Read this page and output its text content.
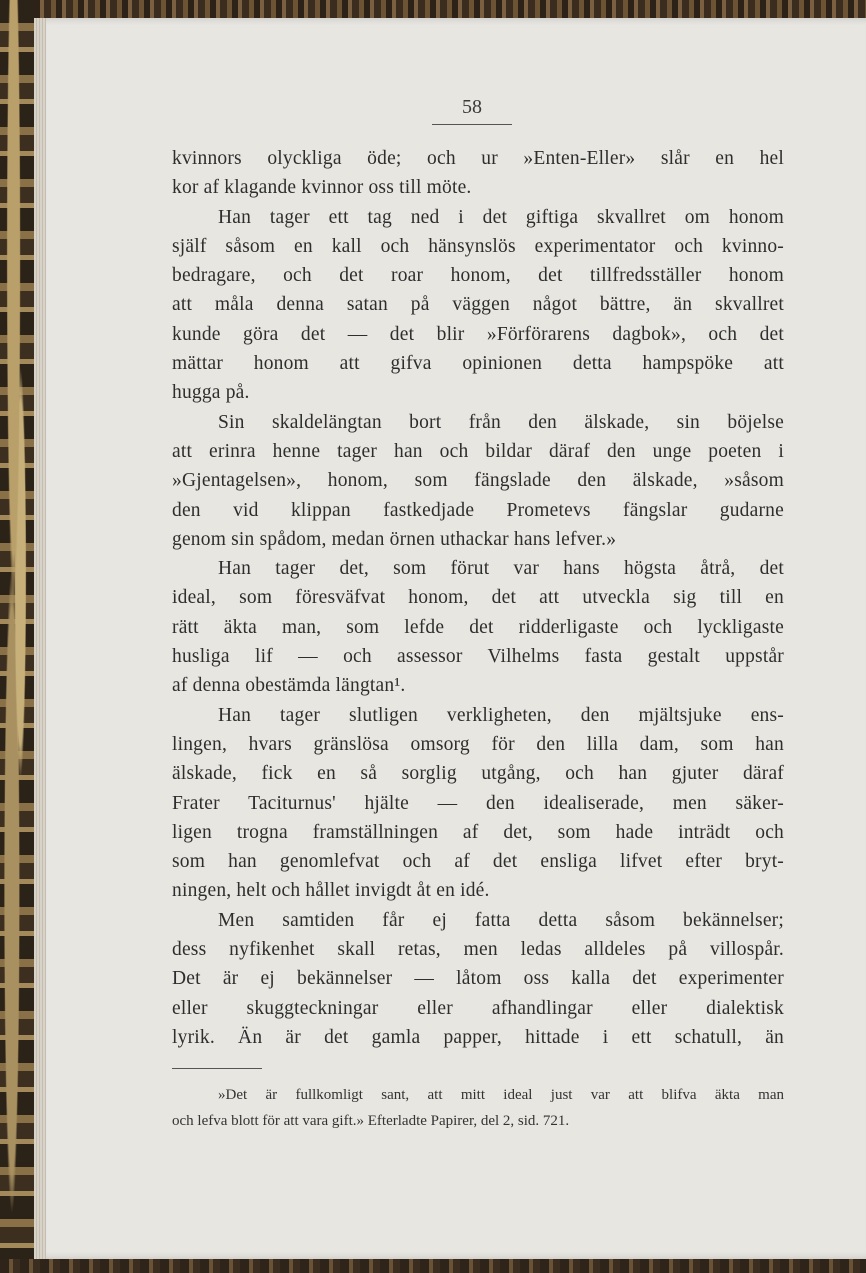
58
kvinnors olyckliga öde; och ur »Enten-Eller» slår en hel
kor af klagande kvinnor oss till möte.
Han tager ett tag ned i det giftiga skvallret om honom
själf såsom en kall och hänsynslös experimentator och kvinno-
bedragare, och det roar honom, det tillfredsställer honom
att måla denna satan på väggen något bättre, än skvallret
kunde göra det — det blir »Förförarens dagbok», och det
mättar honom att gifva opinionen detta hampspöke att
hugga på.
Sin skaldelängtan bort från den älskade, sin böjelse
att erinra henne tager han och bildar däraf den unge poeten i
»Gjentagelsen», honom, som fängslade den älskade, »såsom
den vid klippan fastkedjade Prometevs fängslar gudarne
genom sin spådom, medan örnen uthackar hans lefver.»
Han tager det, som förut var hans högsta åtrå, det
ideal, som föresväfvat honom, det att utveckla sig till en
rätt äkta man, som lefde det ridderligaste och lyckligaste
husliga lif — och assessor Vilhelms fasta gestalt uppstår
af denna obestämda längtan¹.
Han tager slutligen verkligheten, den mjältsjuke ens-
lingen, hvars gränslösa omsorg för den lilla dam, som han
älskade, fick en så sorglig utgång, och han gjuter däraf
Frater Taciturnus' hjälte — den idealiserade, men säker-
ligen trogna framställningen af det, som hade inträdt och
som han genomlefvat och af det ensliga lifvet efter bryt-
ningen, helt och hållet invigdt åt en idé.
Men samtiden får ej fatta detta såsom bekännelser;
dess nyfikenhet skall retas, men ledas alldeles på villospår.
Det är ej bekännelser — låtom oss kalla det experimenter
eller skuggteckningar eller afhandlingar eller dialektisk
lyrik. Än är det gamla papper, hittade i ett schatull, än
»Det är fullkomligt sant, att mitt ideal just var att blifva äkta man
och lefva blott för att vara gift.» Efterladte Papirer, del 2, sid. 721.
